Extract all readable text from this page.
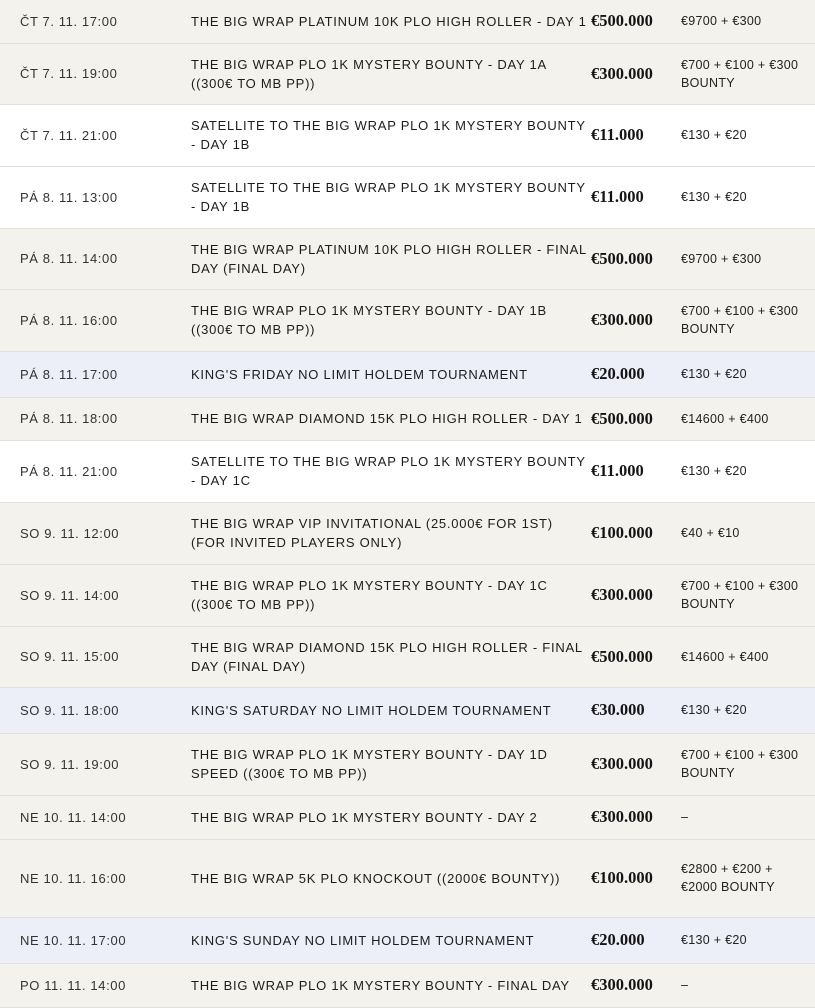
ČT 7. 11. 17:00	THE BIG WRAP PLATINUM 10K PLO HIGH ROLLER - DAY 1	€500.000	€9700 + €300
ČT 7. 11. 19:00	THE BIG WRAP PLO 1K MYSTERY BOUNTY - DAY 1A ((300€ TO MB PP))	€300.000	€700 + €100 + €300 BOUNTY
ČT 7. 11. 21:00	SATELLITE TO THE BIG WRAP PLO 1K MYSTERY BOUNTY - DAY 1B	€11.000	€130 + €20
PÁ 8. 11. 13:00	SATELLITE TO THE BIG WRAP PLO 1K MYSTERY BOUNTY - DAY 1B	€11.000	€130 + €20
PÁ 8. 11. 14:00	THE BIG WRAP PLATINUM 10K PLO HIGH ROLLER - FINAL DAY (FINAL DAY)	€500.000	€9700 + €300
PÁ 8. 11. 16:00	THE BIG WRAP PLO 1K MYSTERY BOUNTY - DAY 1B ((300€ TO MB PP))	€300.000	€700 + €100 + €300 BOUNTY
PÁ 8. 11. 17:00	KING'S FRIDAY NO LIMIT HOLDEM TOURNAMENT	€20.000	€130 + €20
PÁ 8. 11. 18:00	THE BIG WRAP DIAMOND 15K PLO HIGH ROLLER - DAY 1	€500.000	€14600 + €400
PÁ 8. 11. 21:00	SATELLITE TO THE BIG WRAP PLO 1K MYSTERY BOUNTY - DAY 1C	€11.000	€130 + €20
SO 9. 11. 12:00	THE BIG WRAP VIP INVITATIONAL (25.000€ FOR 1ST) (FOR INVITED PLAYERS ONLY)	€100.000	€40 + €10
SO 9. 11. 14:00	THE BIG WRAP PLO 1K MYSTERY BOUNTY - DAY 1C ((300€ TO MB PP))	€300.000	€700 + €100 + €300 BOUNTY
SO 9. 11. 15:00	THE BIG WRAP DIAMOND 15K PLO HIGH ROLLER - FINAL DAY (FINAL DAY)	€500.000	€14600 + €400
SO 9. 11. 18:00	KING'S SATURDAY NO LIMIT HOLDEM TOURNAMENT	€30.000	€130 + €20
SO 9. 11. 19:00	THE BIG WRAP PLO 1K MYSTERY BOUNTY - DAY 1D SPEED ((300€ TO MB PP))	€300.000	€700 + €100 + €300 BOUNTY
NE 10. 11. 14:00	THE BIG WRAP PLO 1K MYSTERY BOUNTY - DAY 2	€300.000	–
NE 10. 11. 16:00	THE BIG WRAP 5K PLO KNOCKOUT ((2000€ BOUNTY))	€100.000	€2800 + €200 + €2000 BOUNTY
NE 10. 11. 17:00	KING'S SUNDAY NO LIMIT HOLDEM TOURNAMENT	€20.000	€130 + €20
PO 11. 11. 14:00	THE BIG WRAP PLO 1K MYSTERY BOUNTY - FINAL DAY	€300.000	–
